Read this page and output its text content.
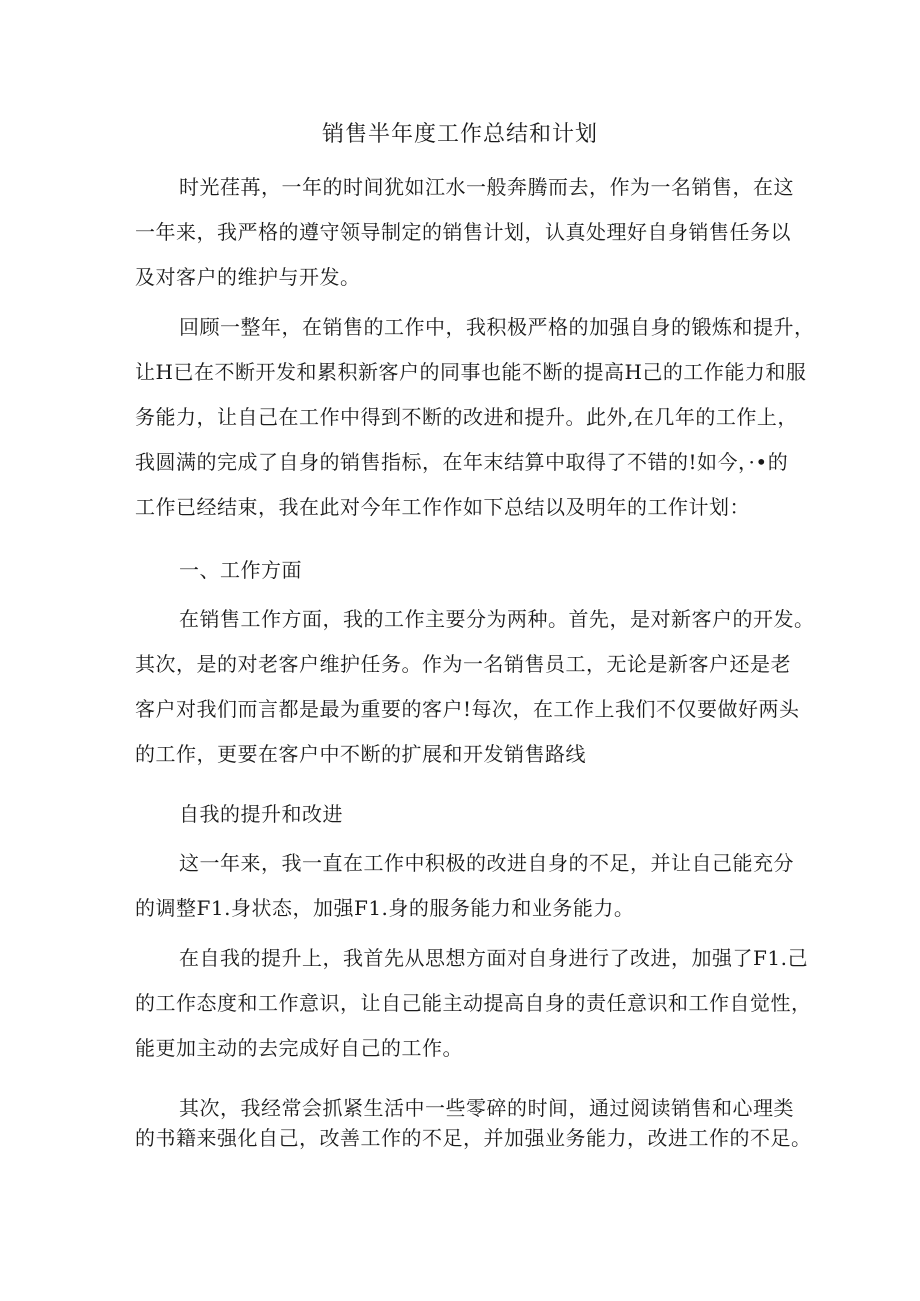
销售半年度工作总结和计划
时光荏苒，一年的时间犹如江水一般奔腾而去，作为一名销售，在这
一年来，我严格的遵守领导制定的销售计划，认真处理好自身销售任务以
及对客户的维护与开发。
回顾一整年，在销售的工作中，我积极严格的加强自身的锻炼和提升，
让H已在不断开发和累积新客户的同事也能不断的提高H己的工作能力和服
务能力，让自己在工作中得到不断的改进和提升。此外,在几年的工作上，
我圆满的完成了自身的销售指标，在年末结算中取得了不错的!如今，·•的
工作已经结束，我在此对今年工作作如下总结以及明年的工作计划：
一、工作方面
在销售工作方面，我的工作主要分为两种。首先，是对新客户的开发。
其次，是的对老客户维护任务。作为一名销售员工，无论是新客户还是老
客户对我们而言都是最为重要的客户!每次，在工作上我们不仅要做好两头
的工作，更要在客户中不断的扩展和开发销售路线
自我的提升和改进
这一年来，我一直在工作中积极的改进自身的不足，并让自己能充分
的调整F1.身状态，加强F1.身的服务能力和业务能力。
在自我的提升上，我首先从思想方面对自身进行了改进，加强了F1.己
的工作态度和工作意识，让自己能主动提高自身的责任意识和工作自觉性，
能更加主动的去完成好自己的工作。
其次，我经常会抓紧生活中一些零碎的时间，通过阅读销售和心理类
的书籍来强化自己，改善工作的不足，并加强业务能力，改进工作的不足。
